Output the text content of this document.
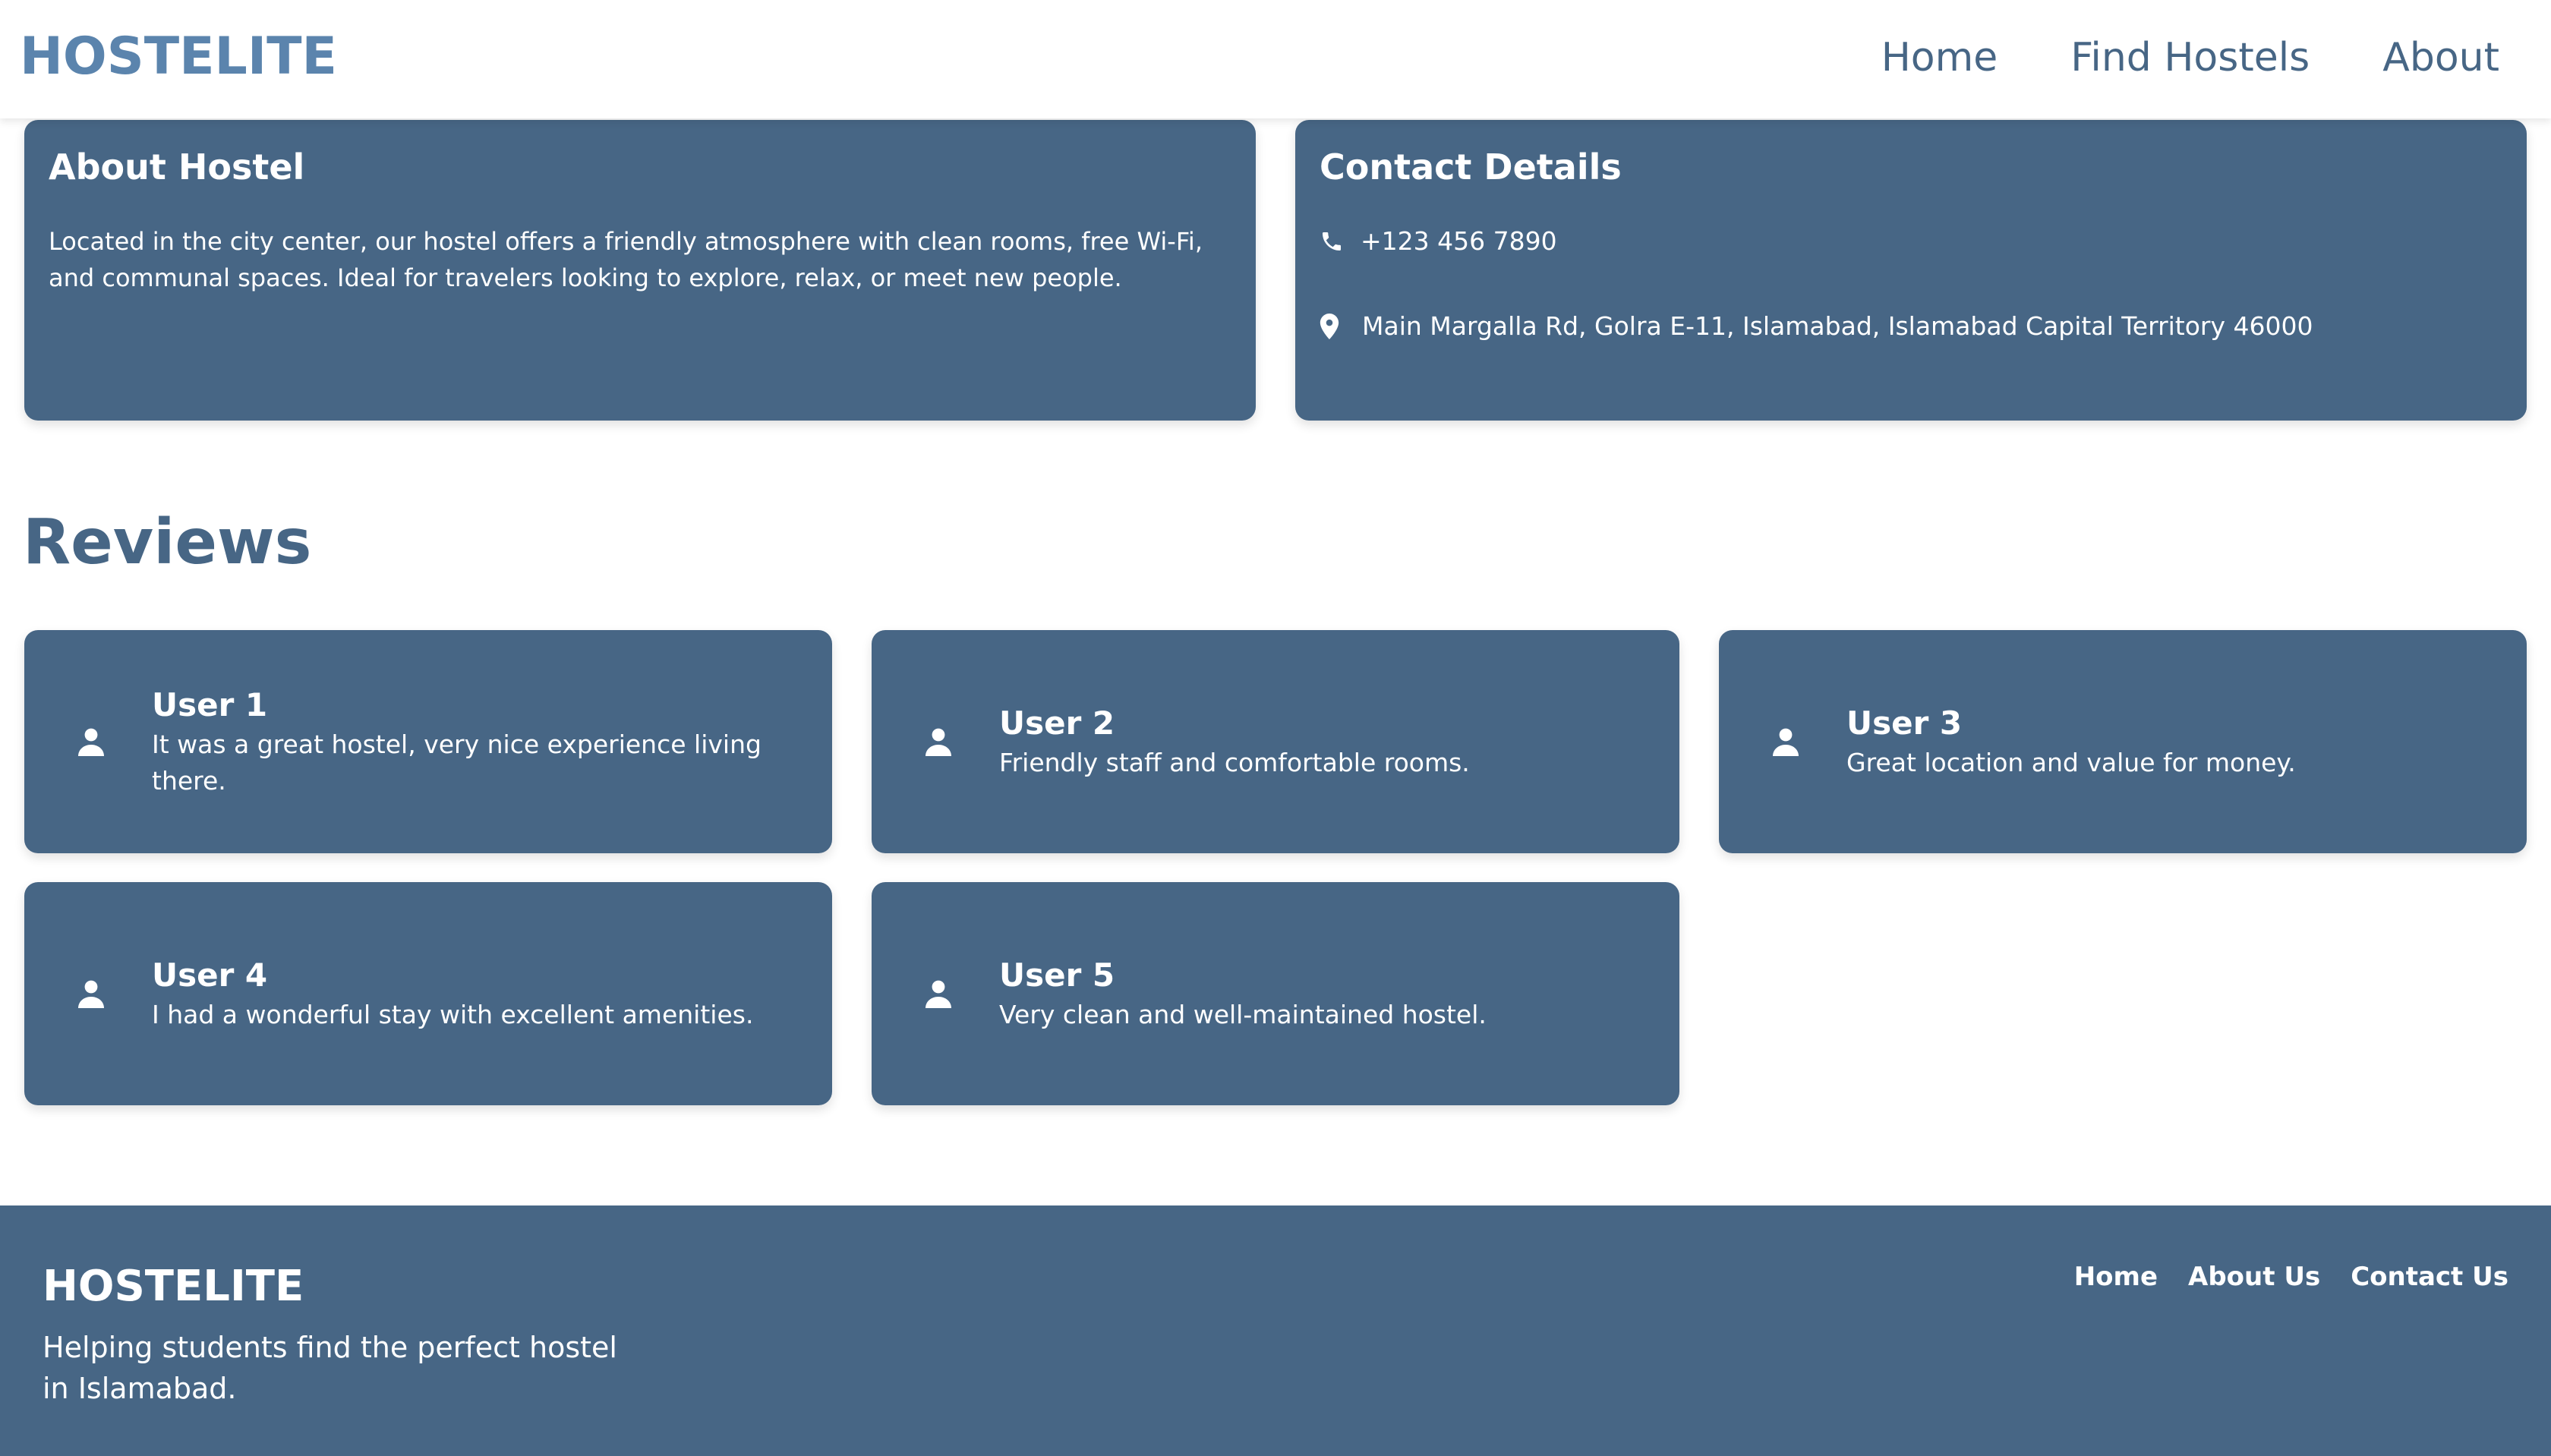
HOSTELITE	Home Find Hostels About
About Hostel
Located in the city center, our hostel offers a friendly atmosphere with clean rooms, free Wi-Fi, and communal spaces. Ideal for travelers looking to explore, relax, or meet new people.
Contact Details
+123 456 7890
Main Margalla Rd, Golra E-11, Islamabad, Islamabad Capital Territory 46000
Reviews
User 1
It was a great hostel, very nice experience living there.
User 2
Friendly staff and comfortable rooms.
User 3
Great location and value for money.
User 4
I had a wonderful stay with excellent amenities.
User 5
Very clean and well-maintained hostel.
HOSTELITE
Helping students find the perfect hostel in Islamabad.
Home About Us Contact Us
